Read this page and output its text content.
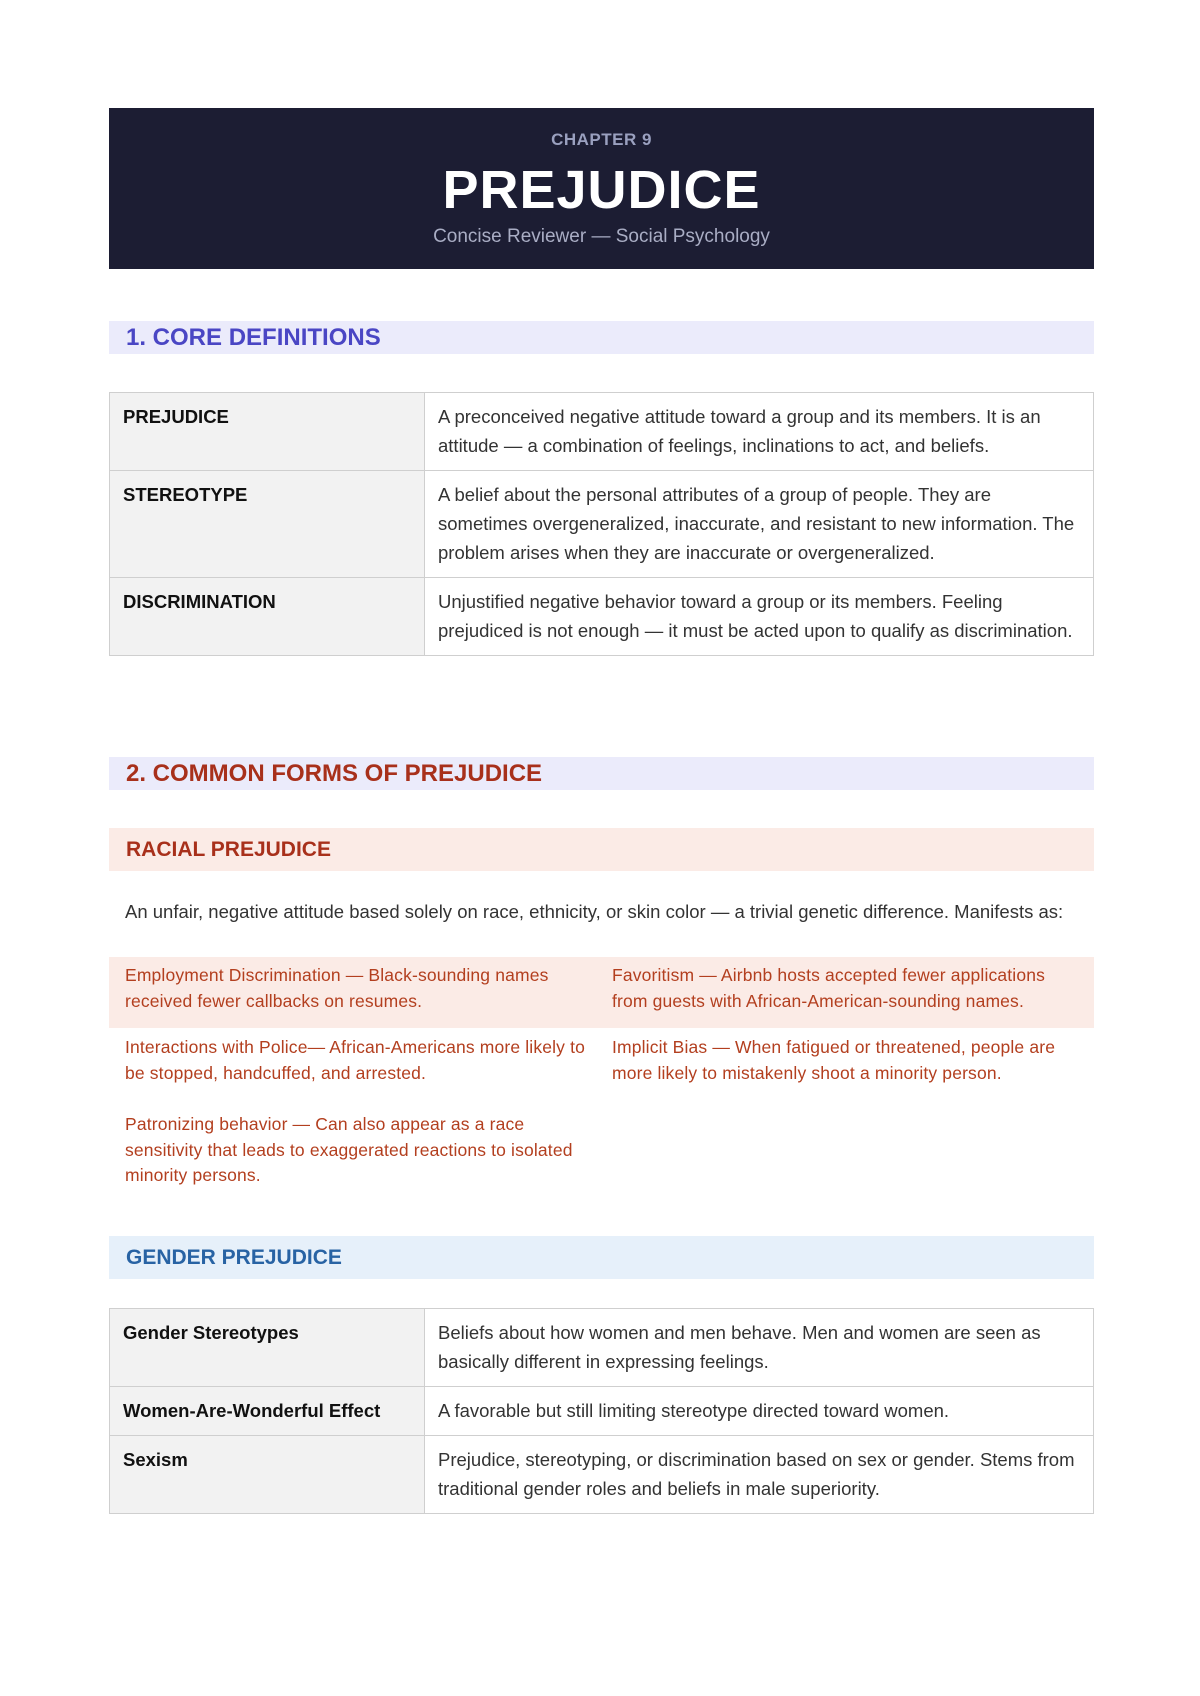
CHAPTER 9
PREJUDICE
Concise Reviewer — Social Psychology
1. CORE DEFINITIONS
PREJUDICE	A preconceived negative attitude toward a group and its members. It is an attitude — a combination of feelings, inclinations to act, and beliefs.
STEREOTYPE	A belief about the personal attributes of a group of people. They are sometimes overgeneralized, inaccurate, and resistant to new information. The problem arises when they are inaccurate or overgeneralized.
DISCRIMINATION	Unjustified negative behavior toward a group or its members. Feeling prejudiced is not enough — it must be acted upon to qualify as discrimination.
2. COMMON FORMS OF PREJUDICE
RACIAL PREJUDICE
An unfair, negative attitude based solely on race, ethnicity, or skin color — a trivial genetic difference. Manifests as:
Employment Discrimination — Black-sounding names received fewer callbacks on resumes.
Favoritism — Airbnb hosts accepted fewer applications from guests with African-American-sounding names.
Interactions with Police— African-Americans more likely to be stopped, handcuffed, and arrested.
Implicit Bias — When fatigued or threatened, people are more likely to mistakenly shoot a minority person.
Patronizing behavior — Can also appear as a race sensitivity that leads to exaggerated reactions to isolated minority persons.
GENDER PREJUDICE
Gender Stereotypes	Beliefs about how women and men behave. Men and women are seen as basically different in expressing feelings.
Women-Are-Wonderful Effect	A favorable but still limiting stereotype directed toward women.
Sexism	Prejudice, stereotyping, or discrimination based on sex or gender. Stems from traditional gender roles and beliefs in male superiority.
